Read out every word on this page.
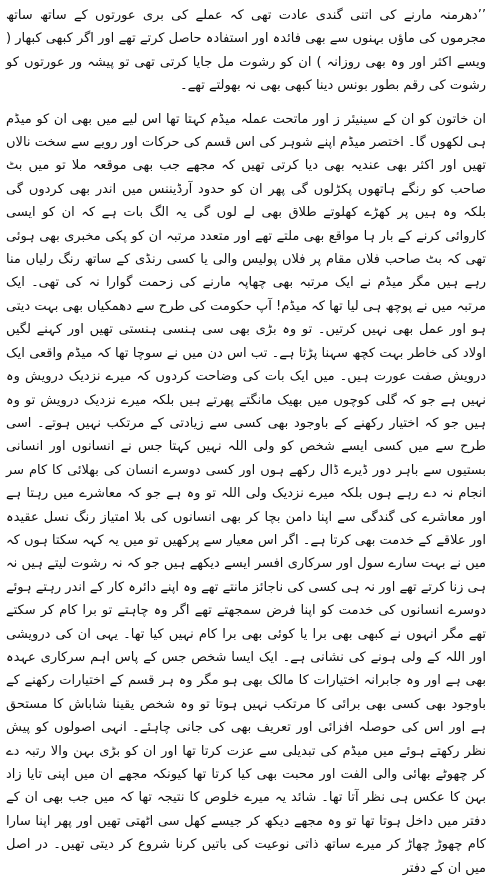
’’دھرمنہ مارنے کی اتنی گندی عادت تھی کہ عملے کی بری عورتوں کے ساتھ ساتھ مجرموں کی ماؤں بہنوں سے بھی فائدہ اور استفادہ حاصل کرتے تھے اور اگر کبھی کبھار ( ویسے اکثر اور وہ بھی روزانہ ) ان کو رشوت مل جایا کرتی تھی تو پیشہ ور عورتوں کو رشوت کی رقم بطور بونس دینا کبھی بھی نہ بھولتے تھے۔

ان خاتون کو ان کے سینیئر ز اور ماتحت عملہ میڈم کہتا تھا اس لیے میں بھی ان کو میڈم ہی لکھوں گا۔ اختصر میڈم اپنے شوہر کی اس قسم کی حرکات اور رویے سے سخت نالاں تھیں اور اکثر بھی عندیہ بھی دیا کرتی تھیں کہ مجھے جب بھی موقعہ ملا تو میں بٹ صاحب کو رنگے ہاتھوں پکڑلوں گی پھر ان کو حدود آرڈیننس میں اندر بھی کردوں گی بلکہ وہ ہیں پر کھڑے کھلوتے طلاق بھی لے لوں گی یہ الگ بات ہے کہ ان کو ایسی کاروائی کرنے کے بار ہا مواقع بھی ملتے تھے اور متعدد مرتبہ ان کو پکی مخبری بھی ہوئی تھی کہ بٹ صاحب فلاں مقام پر فلاں پولیس والی یا کسی رنڈی کے ساتھ رنگ رلیاں منا رہے ہیں مگر میڈم نے ایک مرتبہ بھی چھاپہ مارنے کی زحمت گوارا نہ کی تھی۔ ایک مرتبہ میں نے پوچھ ہی لیا تھا کہ میڈم! آپ حکومت کی طرح سے دھمکیاں بھی بہت دیتی ہو اور عمل بھی نہیں کرتیں۔ تو وہ بڑی بھی سی ہنسی ہنستی تھیں اور کہنے لگیں اولاد کی خاطر بہت کچھ سہنا پڑتا ہے۔ تب اس دن میں نے سوچا تھا کہ میڈم واقعی ایک درویش صفت عورت ہیں۔ میں ایک بات کی وضاحت کردوں کہ میرے نزدیک درویش وہ نہیں ہے جو کہ گلی کوچوں میں بھیک مانگتے پھرتے ہیں بلکہ میرے نزدیک درویش تو وہ ہیں جو کہ اختیار رکھنے کے باوجود بھی کسی سے زیادتی کے مرتکب نہیں ہوتے۔ اسی طرح سے میں کسی ایسے شخص کو ولی اللہ نہیں کہتا جس نے انسانوں اور انسانی بستیوں سے باہر دور ڈیرے ڈال رکھے ہوں اور کسی دوسرے انسان کی بھلائی کا کام سر انجام نہ دے رہے ہوں بلکہ میرے نزدیک ولی اللہ تو وہ ہے جو کہ معاشرے میں رہتا ہے اور معاشرے کی گندگی سے اپنا دامن بچا کر بھی انسانوں کی بلا امتیاز رنگ نسل عقیدہ اور علاقے کے خدمت بھی کرتا ہے۔ اگر اس معیار سے پرکھیں تو میں یہ کہہ سکتا ہوں کہ میں نے بہت سارے سول اور سرکاری افسر ایسے دیکھے ہیں جو کہ نہ رشوت لیتے ہیں نہ ہی زنا کرتے تھے اور نہ ہی کسی کی ناجائز مانتے تھے وہ اپنے دائرہ کار کے اندر رہتے ہوئے دوسرے انسانوں کی خدمت کو اپنا فرض سمجھتے تھے اگر وہ چاہتے تو برا کام کر سکتے تھے مگر انہوں نے کبھی بھی برا یا کوئی بھی برا کام نہیں کیا تھا۔ یہی ان کی درویشی اور اللہ کے ولی ہونے کی نشانی ہے۔ ایک ایسا شخص جس کے پاس اہم سرکاری عہدہ بھی ہے اور وہ جابرانہ اختیارات کا مالک بھی ہو مگر وہ ہر قسم کے اختیارات رکھنے کے باوجود بھی کسی بھی برائی کا مرتکب نہیں ہوتا تو وہ شخص یقینا شاباش کا مستحق ہے اور اس کی حوصلہ افزائی اور تعریف بھی کی جانی چاہئے۔ انہی اصولوں کو پیش نظر رکھتے ہوئے میں میڈم کی تبدیلی سے عزت کرتا تھا اور ان کو بڑی بہن والا رتبہ دے کر چھوٹے بھائی والی الفت اور محبت بھی کیا کرتا تھا کیونکہ مجھے ان میں اپنی تایا زاد بہن کا عکس ہی نظر آتا تھا۔ شائد یہ میرے خلوص کا نتیجہ تھا کہ میں جب بھی ان کے دفتر میں داخل ہوتا تھا تو وہ مجھے دیکھ کر جیسے کھل سی اٹھتی تھیں اور پھر اپنا سارا کام چھوڑ چھاڑ کر میرے ساتھ ذاتی نوعیت کی باتیں کرنا شروع کر دیتی تھیں۔ در اصل میں ان کے دفتر
